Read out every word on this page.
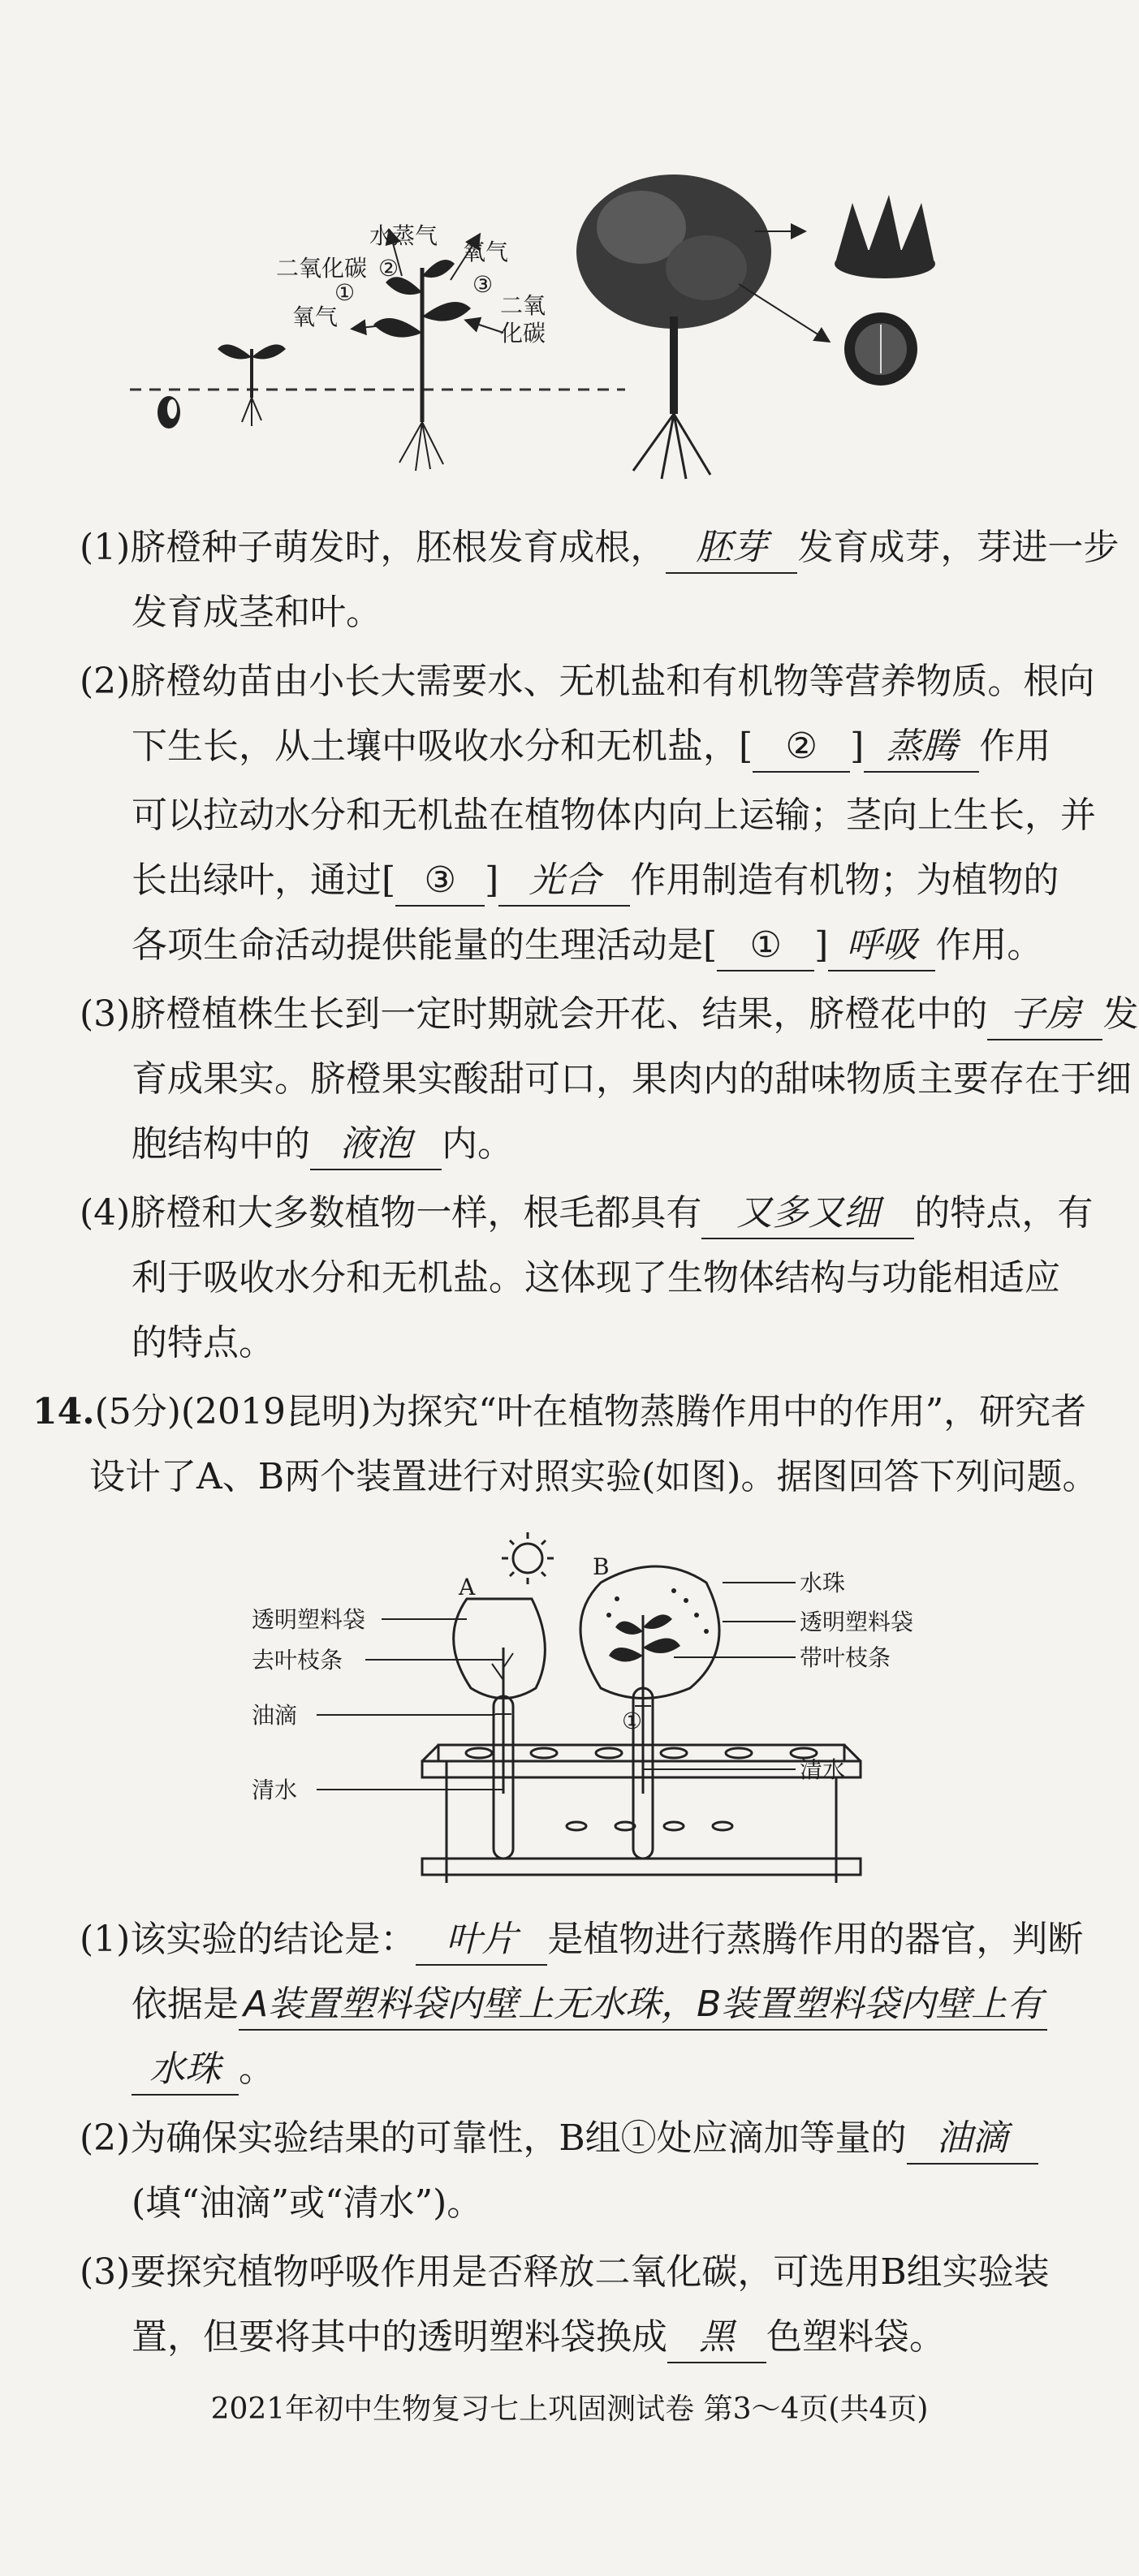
水蒸气
二氧化碳 ②
氧气
①	③
氧气	二氧
化碳
(1)脐橙种子萌发时，胚根发育成根， 胚芽 发育成芽，芽进一步
发育成茎和叶。
(2)脐橙幼苗由小长大需要水、无机盐和有机物等营养物质。根向
下生长，从土壤中吸收水分和无机盐，[ ② ] 蒸腾 作用
可以拉动水分和无机盐在植物体内向上运输；茎向上生长，并
长出绿叶，通过[ ③ ] 光合 作用制造有机物；为植物的
各项生命活动提供能量的生理活动是[ ① ] 呼吸 作用。
(3)脐橙植株生长到一定时期就会开花、结果，脐橙花中的 子房 发
育成果实。脐橙果实酸甜可口，果肉内的甜味物质主要存在于细
胞结构中的 液泡 内。
(4)脐橙和大多数植物一样，根毛都具有 又多又细 的特点，有
利于吸收水分和无机盐。这体现了生物体结构与功能相适应
的特点。
14.(5分)(2019昆明)为探究“叶在植物蒸腾作用中的作用”，研究者
设计了A、B两个装置进行对照实验(如图)。据图回答下列问题。
A
B
透明塑料袋
去叶枝条
油滴
清水
水珠
透明塑料袋
带叶枝条
清水
①
(1)该实验的结论是： 叶片 是植物进行蒸腾作用的器官，判断
依据是 A装置塑料袋内壁上无水珠，B装置塑料袋内壁上有
水珠 。
(2)为确保实验结果的可靠性，B组①处应滴加等量的 油滴
(填“油滴”或“清水”)。
(3)要探究植物呼吸作用是否释放二氧化碳，可选用B组实验装
置，但要将其中的透明塑料袋换成 黑 色塑料袋。
2021年初中生物复习七上巩固测试卷 第3～4页(共4页)
